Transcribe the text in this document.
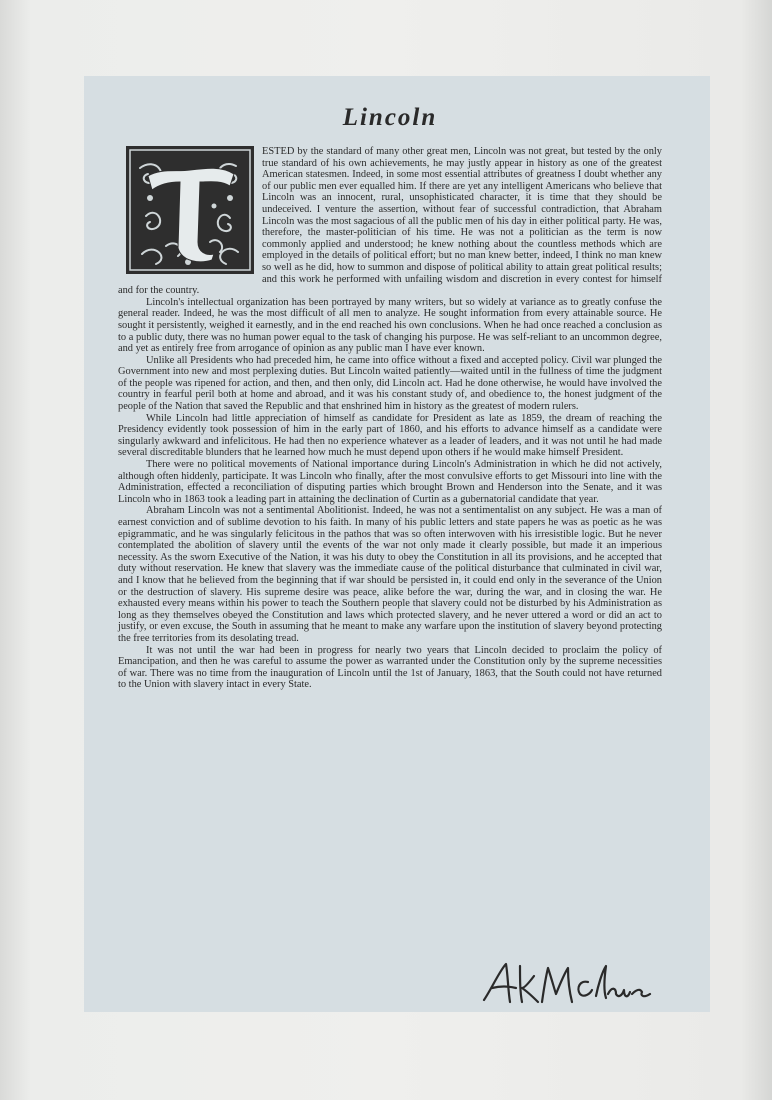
Lincoln

ESTED by the standard of many other great men, Lincoln was not great, but tested by the only true standard of his own achievements, he may justly appear in history as one of the greatest American statesmen. Indeed, in some most essential attributes of greatness I doubt whether any of our public men ever equalled him. If there are yet any intelligent Americans who believe that Lincoln was an innocent, rural, unsophisticated character, it is time that they should be undeceived. I venture the assertion, without fear of successful contradiction, that Abraham Lincoln was the most sagacious of all the public men of his day in either political party. He was, therefore, the master-politician of his time. He was not a politician as the term is now commonly applied and understood; he knew nothing about the countless methods which are employed in the details of political effort; but no man knew better, indeed, I think no man knew so well as he did, how to summon and dispose of political ability to attain great political results; and this work he performed with unfailing wisdom and discretion in every contest for himself and for the country.

Lincoln's intellectual organization has been portrayed by many writers, but so widely at variance as to greatly confuse the general reader. Indeed, he was the most difficult of all men to analyze. He sought information from every attainable source. He sought it persistently, weighed it earnestly, and in the end reached his own conclusions. When he had once reached a conclusion as to a public duty, there was no human power equal to the task of changing his purpose. He was self-reliant to an uncommon degree, and yet as entirely free from arrogance of opinion as any public man I have ever known.

Unlike all Presidents who had preceded him, he came into office without a fixed and accepted policy. Civil war plunged the Government into new and most perplexing duties. But Lincoln waited patiently—waited until in the fullness of time the judgment of the people was ripened for action, and then, and then only, did Lincoln act. Had he done otherwise, he would have involved the country in fearful peril both at home and abroad, and it was his constant study of, and obedience to, the honest judgment of the people of the Nation that saved the Republic and that enshrined him in history as the greatest of modern rulers.

While Lincoln had little appreciation of himself as candidate for President as late as 1859, the dream of reaching the Presidency evidently took possession of him in the early part of 1860, and his efforts to advance himself as a candidate were singularly awkward and infelicitous. He had then no experience whatever as a leader of leaders, and it was not until he had made several discreditable blunders that he learned how much he must depend upon others if he would make himself President.

There were no political movements of National importance during Lincoln's Administration in which he did not actively, although often hiddenly, participate. It was Lincoln who finally, after the most convulsive efforts to get Missouri into line with the Administration, effected a reconciliation of disputing parties which brought Brown and Henderson into the Senate, and it was Lincoln who in 1863 took a leading part in attaining the declination of Curtin as a gubernatorial candidate that year.

Abraham Lincoln was not a sentimental Abolitionist. Indeed, he was not a sentimentalist on any subject. He was a man of earnest conviction and of sublime devotion to his faith. In many of his public letters and state papers he was as poetic as he was epigrammatic, and he was singularly felicitous in the pathos that was so often interwoven with his irresistible logic. But he never contemplated the abolition of slavery until the events of the war not only made it clearly possible, but made it an imperious necessity. As the sworn Executive of the Nation, it was his duty to obey the Constitution in all its provisions, and he accepted that duty without reservation. He knew that slavery was the immediate cause of the political disturbance that culminated in civil war, and I know that he believed from the beginning that if war should be persisted in, it could end only in the severance of the Union or the destruction of slavery. His supreme desire was peace, alike before the war, during the war, and in closing the war. He exhausted every means within his power to teach the Southern people that slavery could not be disturbed by his Administration as long as they themselves obeyed the Constitution and laws which protected slavery, and he never uttered a word or did an act to justify, or even excuse, the South in assuming that he meant to make any warfare upon the institution of slavery beyond protecting the free territories from its desolating tread.

It was not until the war had been in progress for nearly two years that Lincoln decided to proclaim the policy of Emancipation, and then he was careful to assume the power as warranted under the Constitution only by the supreme necessities of war. There was no time from the inauguration of Lincoln until the 1st of January, 1863, that the South could not have returned to the Union with slavery intact in every State.
